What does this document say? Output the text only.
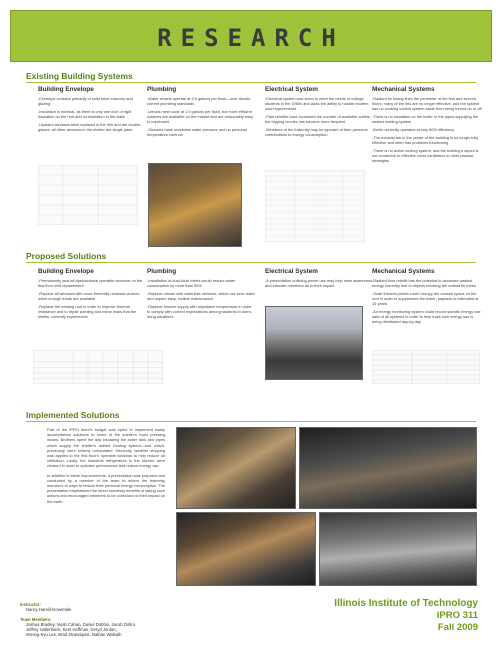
RESEARCH
Existing Building Systems
Building Envelope

-Envelope consists primarily of solid brick masonry and glazing

-Insulation is minimal, as there is only one inch of rigid insulation on the roof and no insulation in the walls

-Upstairs windows were replaced in the 90s and are double-glazed; all other windows in the shelter are single pane

Plumbing

-Water closets operate at 3.5 gallons per flush—over double current plumbing standards

-Urinals meet code at 1.0 gallons per flush, but more efficient systems are available on the market and are reasonably easy to implement

-Showers have unreliable water pressure and no personal temperature controls

Electrical System

-Electrical system was sized to meet the needs of college students in the 1960s and lacks the ability to handle modern load requirements

-Past retrofits have increased the number of available outlets, but tripping circuits has become more frequent

-Members of the fraternity may be ignorant of their personal contributions to energy consumption

Mechanical Systems

-Radiant fin tubing lines the perimeter of the first and second floors; many of the fins are no longer effective, and the system has no working control system aside from being turned on or off

-There is no insulation on the boiler or the pipes supplying the radiant heating system

-Boiler currently operates at only 80% efficiency

-The exhaust fan in the center of the building is no longer fully effective and often has problems functioning

-There is no active cooling system, and the building's layout is not conducive to effective cross ventilation or other passive strategies

Proposed Solutions
Building Envelope

-Permanently seal all dysfunctional operable windows on the first floor until replacement

-Replace all windows with more thermally resistant choices when enough funds are available

-Replace the existing roof in order to improve thermal resistance and to repair ponding and minor leaks that the shelter currently experiences

Plumbing

-Installation of dual-flush toilets would reduce water consumption by more than 50%

-Replace urinals with waterless versions, which use zero water and require easy, routine maintenance

-Replace shower supply with adjustable temperature in order to comply with current expectations among students in dorm-living situations

Electrical System

-A presentation outlining power use may help raise awareness and educate members as to their impact

Mechanical Systems

-Radiant floor retrofit has the potential to decrease wasted energy currently due to objects blocking the radiant fin tubes

-Solar thermal panels could occupy the unused space on the roof in order to supplement the boiler; payback is estimated at 15 years

-An energy monitoring system could record specific energy use data of all systems in order to help track how energy use is being distributed day-by-day

Implemented Solutions

Part of the IPRO team's budget was spent to implement easily accomplished solutions to some of the shelter's most pressing issues. Brothers spent the day insulating the boiler tank and pipes which supply the shelter's radiant heating system—and which, previously, were entirely uninsulated. Secondly, weather stripping was applied to the first floor's operable windows to help reduce air infiltration. Lastly, the industrial refrigerators in the kitchen were cleaned in order to optimize performance and reduce energy use.

In addition to these improvements, a presentation was prepared and conducted by a member of the team to inform the fraternity members of ways to reduce their personal energy consumption. The presentation emphasized the direct monetary benefits of taking such actions and encouraged members to be conscious of their impact on the earth.

Instructor:
Nancy Hamill-Governale
Team Members:
Joshua Bradley, Noah Cahan, Daniel Dobbin, Jacob Dohm,
Jeffrey Hallenbeck, Kent Hoffman, Deryd Jordan,
Woong-Kyu Lee, Brad Strandquist, Nathan Walsath
Illinois Institute of Technology
IPRO 311
Fall 2009
